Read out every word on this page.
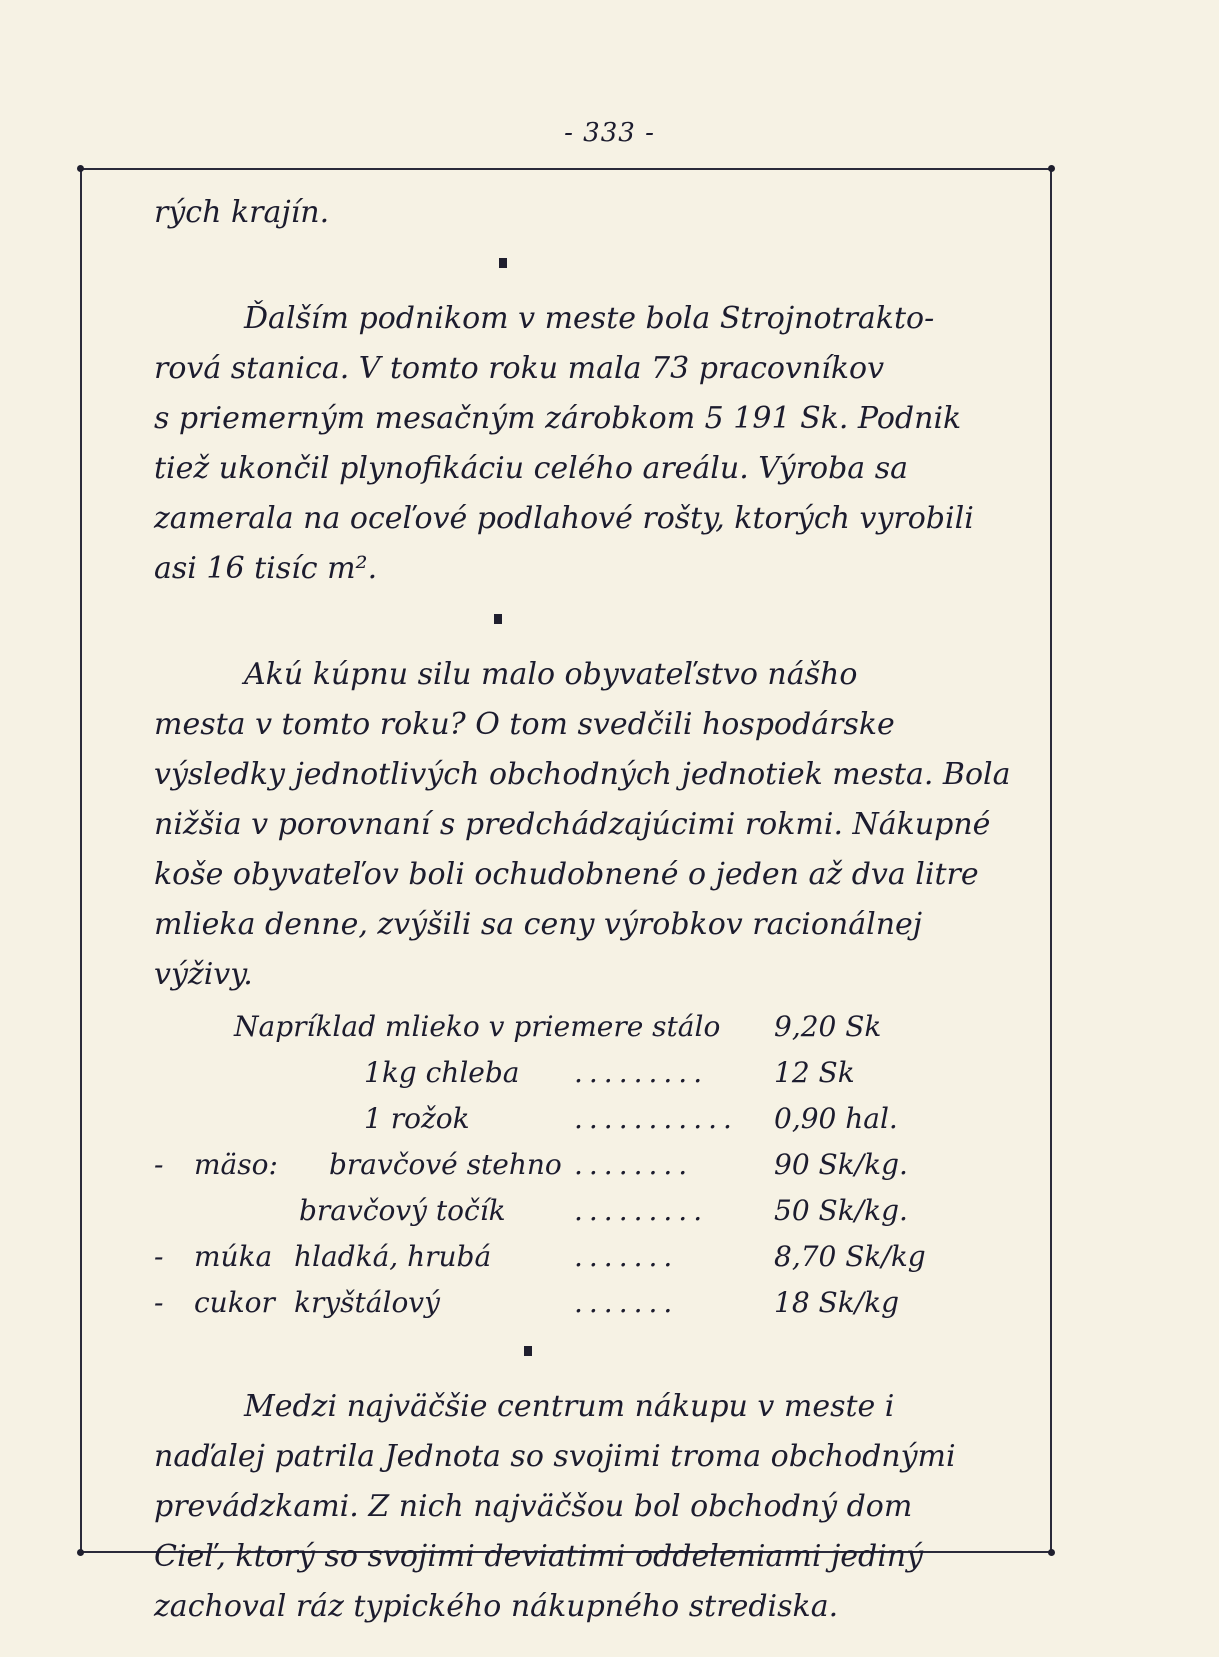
- 333 -
rých krajín.
Ďalším podnikom v meste bola Strojnotrakto-
rová stanica. V tomto roku mala 73 pracovníkov
s priemerným mesačným zárobkom 5 191 Sk. Podnik
tiež ukončil plynofikáciu celého areálu. Výroba sa
zamerala na oceľové podlahové rošty, ktorých vyrobili
asi 16 tisíc m².
Akú kúpnu silu malo obyvateľstvo nášho
mesta v tomto roku? O tom svedčili hospodárske
výsledky jednotlivých obchodných jednotiek mesta. Bola
nižšia v porovnaní s predchádzajúcimi rokmi. Nákupné
koše obyvateľov boli ochudobnené o jeden až dva litre
mlieka denne, zvýšili sa ceny výrobkov racionálnej
výživy.
Napríklad mlieko v priemere stálo 9,20 Sk
1kg chleba ......... 12 Sk
1 rožok	........... 0,90 hal.
- mäso: bravčové stehno ........	90 Sk/kg.
bravčový točík ......... 50 Sk/kg.
- múka hladká, hrubá	.......	8,70 Sk/kg
- cukor kryštálový	.......	18 Sk/kg
Medzi najväčšie centrum nákupu v meste i
naďalej patrila Jednota so svojimi troma obchodnými
prevádzkami. Z nich najväčšou bol obchodný dom
Cieľ, ktorý so svojimi deviatimi oddeleniami jediný
zachoval ráz typického nákupného strediska.
